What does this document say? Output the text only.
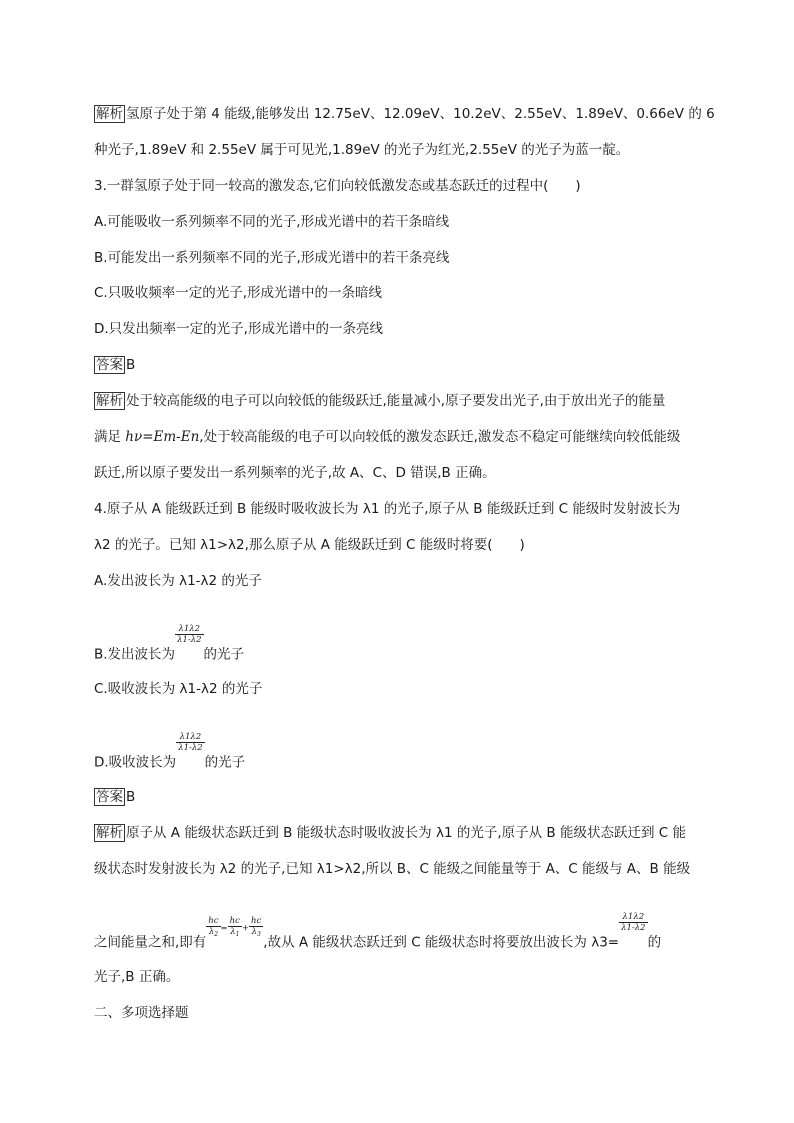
解析 氢原子处于第 4 能级,能够发出 12.75eV、12.09eV、10.2eV、2.55eV、1.89eV、0.66eV 的 6
种光子,1.89eV 和 2.55eV 属于可见光,1.89eV 的光子为红光,2.55eV 的光子为蓝一靛。
3.一群氢原子处于同一较高的激发态,它们向较低激发态或基态跃迁的过程中(　　)
A.可能吸收一系列频率不同的光子,形成光谱中的若干条暗线
B.可能发出一系列频率不同的光子,形成光谱中的若干条亮线
C.只吸收频率一定的光子,形成光谱中的一条暗线
D.只发出频率一定的光子,形成光谱中的一条亮线
答案 B
解析 处于较高能级的电子可以向较低的能级跃迁,能量减小,原子要发出光子,由于放出光子的能量
满足 hν=Em-En,处于较高能级的电子可以向较低的激发态跃迁,激发态不稳定可能继续向较低能级
跃迁,所以原子要发出一系列频率的光子,故 A、C、D 错误,B 正确。
4.原子从 A 能级跃迁到 B 能级时吸收波长为 λ1 的光子,原子从 B 能级跃迁到 C 能级时发射波长为
λ2 的光子。已知 λ1>λ2,那么原子从 A 能级跃迁到 C 能级时将要(　　)
A.发出波长为 λ1-λ2 的光子
B.发出波长为
$\frac{\lambda 1\lambda 2}{\lambda 1-\lambda 2}$
的光子
C.吸收波长为 λ1-λ2 的光子
D.吸收波长为
$\frac{\lambda 1\lambda 2}{\lambda 1-\lambda 2}$
的光子
答案 B
解析 原子从 A 能级状态跃迁到 B 能级状态时吸收波长为 λ1 的光子,原子从 B 能级状态跃迁到 C 能
级状态时发射波长为 λ2 的光子,已知 λ1>λ2,所以 B、C 能级之间能量等于 A、C 能级与 A、B 能级
之间能量之和,即有
$\frac{hc}{\lambda_2} = \frac{hc}{\lambda_1} + \frac{hc}{\lambda_3}$
,故从 A 能级状态跃迁到 C 能级状态时将要放出波长为 λ3=
$\frac{\lambda 1\lambda 2}{\lambda 1-\lambda 2}$
的
光子,B 正确。
二、多项选择题
